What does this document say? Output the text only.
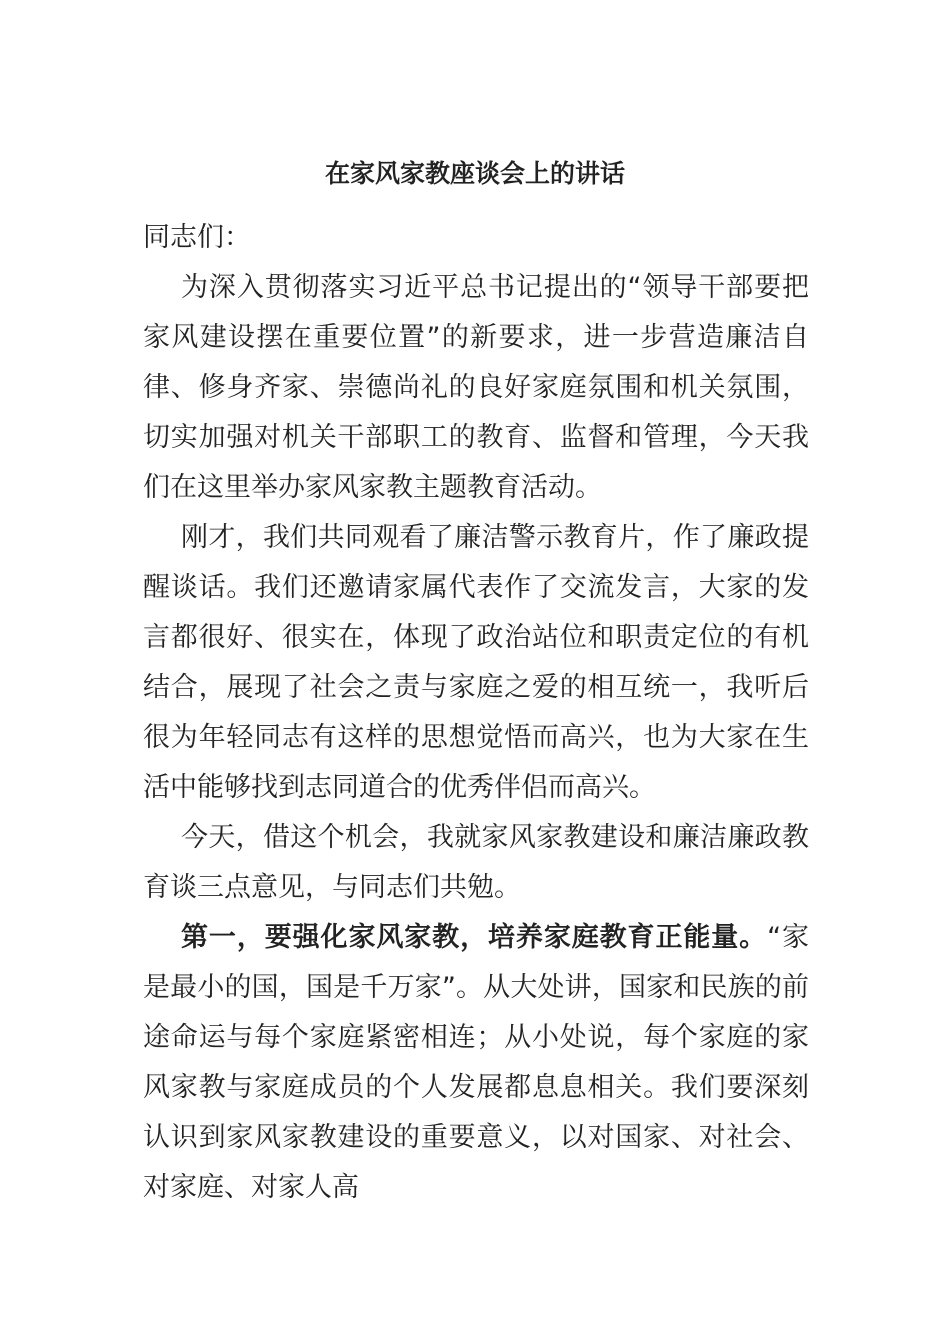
在家风家教座谈会上的讲话

同志们：

为深入贯彻落实习近平总书记提出的“领导干部要把家风建设摆在重要位置”的新要求，进一步营造廉洁自律、修身齐家、崇德尚礼的良好家庭氛围和机关氛围，切实加强对机关干部职工的教育、监督和管理，今天我们在这里举办家风家教主题教育活动。

刚才，我们共同观看了廉洁警示教育片，作了廉政提醒谈话。我们还邀请家属代表作了交流发言，大家的发言都很好、很实在，体现了政治站位和职责定位的有机结合，展现了社会之责与家庭之爱的相互统一，我听后很为年轻同志有这样的思想觉悟而高兴，也为大家在生活中能够找到志同道合的优秀伴侣而高兴。

今天，借这个机会，我就家风家教建设和廉洁廉政教育谈三点意见，与同志们共勉。

第一，要强化家风家教，培养家庭教育正能量。“家是最小的国，国是千万家”。从大处讲，国家和民族的前途命运与每个家庭紧密相连；从小处说，每个家庭的家风家教与家庭成员的个人发展都息息相关。我们要深刻认识到家风家教建设的重要意义，以对国家、对社会、对家庭、对家人高
